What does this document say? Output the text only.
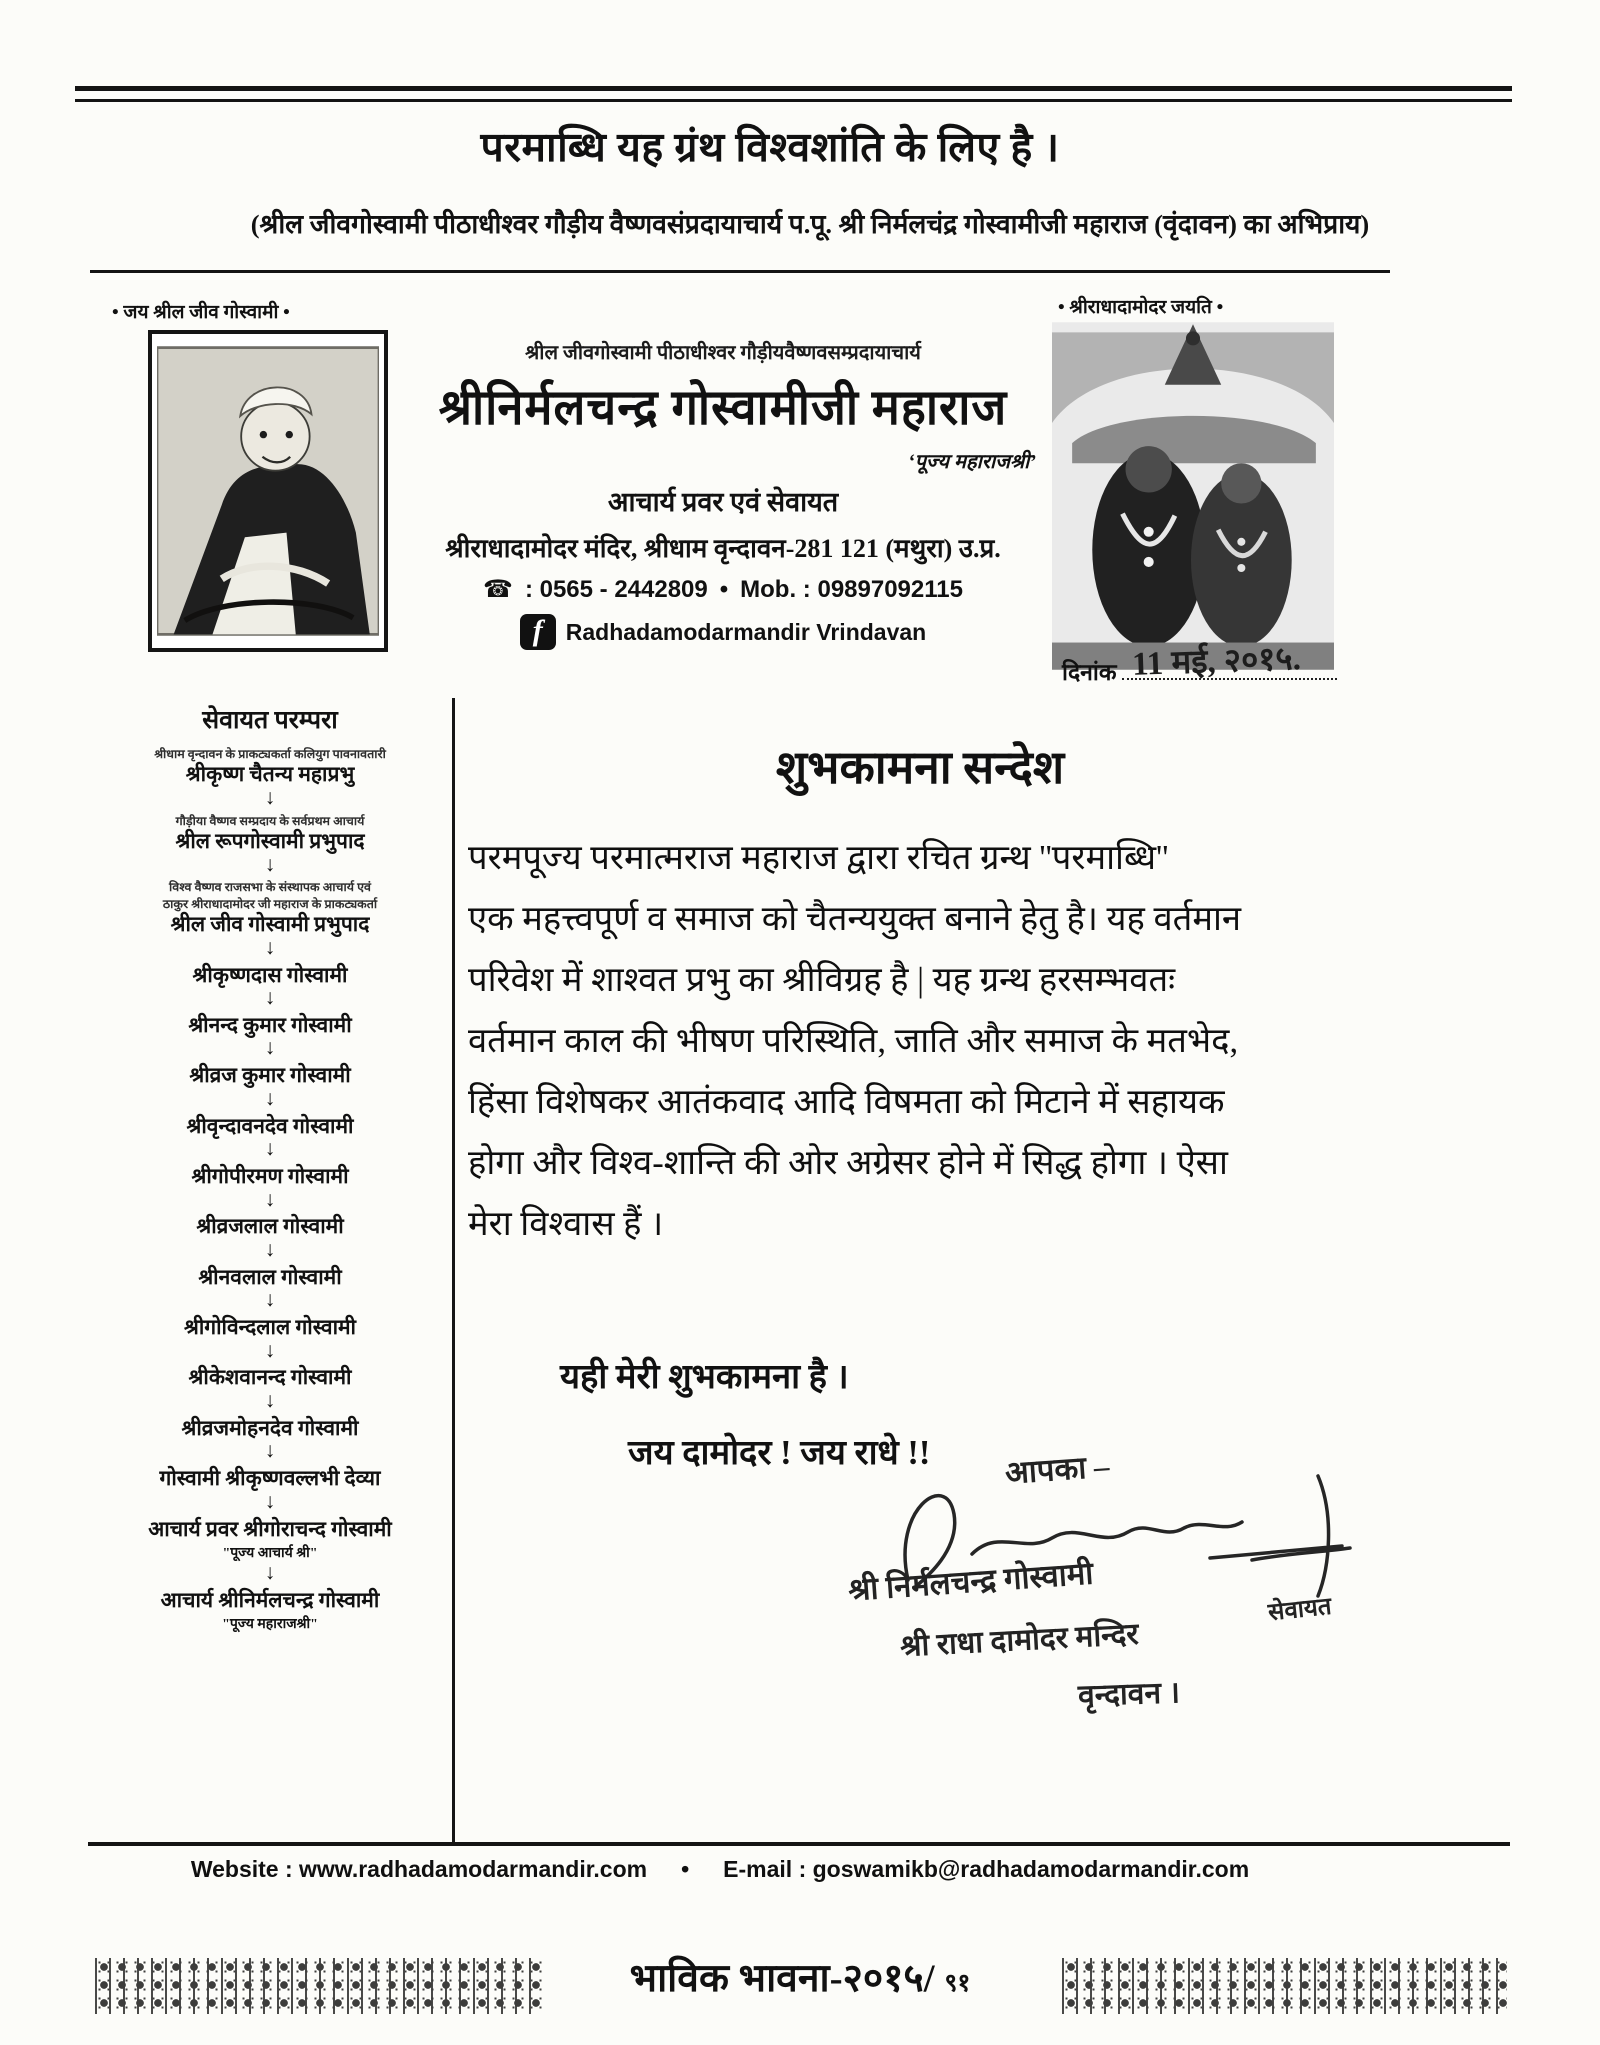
परमाब्धि यह ग्रंथ विश्वशांति के लिए है ।
(श्रील जीवगोस्वामी पीठाधीश्वर गौड़ीय वैष्णवसंप्रदायाचार्य प.पू. श्री निर्मलचंद्र गोस्वामीजी महाराज (वृंदावन) का अभिप्राय)
• जय श्रील जीव गोस्वामी •	• श्रीराधादामोदर जयति •
श्रील जीवगोस्वामी पीठाधीश्वर गौड़ीयवैष्णवसम्प्रदायाचार्य
श्रीनिर्मलचन्द्र गोस्वामीजी महाराज
‘पूज्य महाराजश्री’
आचार्य प्रवर एवं सेवायत
श्रीराधादामोदर मंदिर, श्रीधाम वृन्दावन-281 121 (मथुरा) उ.प्र.
☎ : 0565 - 2442809 • Mob. : 09897092115
f	Radhadamodarmandir Vrindavan
दिनांक 11 मई, २०१५.
सेवायत परम्परा
श्रीधाम वृन्दावन के प्राकट्यकर्ता कलियुग पावनावतारी
श्रीकृष्ण चैतन्य महाप्रभु
↓
गौड़ीया वैष्णव सम्प्रदाय के सर्वप्रथम आचार्य
श्रील रूपगोस्वामी प्रभुपाद
↓
विश्व वैष्णव राजसभा के संस्थापक आचार्य एवं
ठाकुर श्रीराधादामोदर जी महाराज के प्राकट्यकर्ता
श्रील जीव गोस्वामी प्रभुपाद
↓
श्रीकृष्णदास गोस्वामी
↓
श्रीनन्द कुमार गोस्वामी
↓
श्रीव्रज कुमार गोस्वामी
↓
श्रीवृन्दावनदेव गोस्वामी
↓
श्रीगोपीरमण गोस्वामी
↓
श्रीव्रजलाल गोस्वामी
↓
श्रीनवलाल गोस्वामी
↓
श्रीगोविन्दलाल गोस्वामी
↓
श्रीकेशवानन्द गोस्वामी
↓
श्रीव्रजमोहनदेव गोस्वामी
↓
गोस्वामी श्रीकृष्णवल्लभी देव्या
↓
आचार्य प्रवर श्रीगोराचन्द गोस्वामी
"पूज्य आचार्य श्री"
↓
आचार्य श्रीनिर्मलचन्द्र गोस्वामी
"पूज्य महाराजश्री"
शुभकामना सन्देश
परमपूज्य परमात्मराज महाराज द्वारा रचित ग्रन्थ ''परमाब्धि''
एक महत्त्वपूर्ण व समाज को चैतन्ययुक्त बनाने हेतु है। यह वर्तमान
परिवेश में शाश्वत प्रभु का श्रीविग्रह है | यह ग्रन्थ हरसम्भवतः
वर्तमान काल की भीषण परिस्थिति, जाति और समाज के मतभेद,
हिंसा विशेषकर आतंकवाद आदि विषमता को मिटाने में सहायक
होगा और विश्व-शान्ति की ओर अग्रेसर होने में सिद्ध होगा । ऐसा
मेरा विश्वास हैं ।
यही मेरी शुभकामना है ।
जय दामोदर ! जय राधे !! आपका –
श्री निर्मलचन्द्र गोस्वामी
सेवायत
श्री राधा दामोदर मन्दिर
वृन्दावन ।
Website : www.radhadamodarmandir.com • E-mail : goswamikb@radhadamodarmandir.com
भाविक भावना-२०१५/ ९१
